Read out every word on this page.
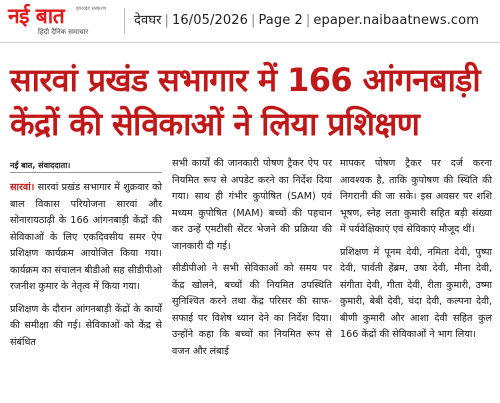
नई बात झारखंड संस्करण
हिंदी दैनिक समाचार
देवघर | 16/05/2026 | Page 2 | epaper.naibaatnews.com
सारवां प्रखंड सभागार में 166 आंगनबाड़ी
केंद्रों की सेविकाओं ने लिया प्रशिक्षण
नई बात, संवाददाता।

सारवां। सारवां प्रखंड सभागार में शुक्रवार को बाल विकास परियोजना सारवां और सोनारायठाढ़ी के 166 आंगनबाड़ी केंद्रों की सेविकाओं के लिए एकदिवसीय समर ऐप प्रशिक्षण कार्यक्रम आयोजित किया गया। कार्यक्रम का संचालन बीडीओ सह सीडीपीओ रजनीश कुमार के नेतृत्व में किया गया।

प्रशिक्षण के दौरान आंगनबाड़ी केंद्रों के कार्यों की समीक्षा की गई। सेविकाओं को केंद्र से संबंधित

सभी कार्यों की जानकारी पोषण ट्रैकर ऐप पर नियमित रूप से अपडेट करने का निर्देश दिया गया। साथ ही गंभीर कुपोषित (SAM) एवं मध्यम कुपोषित (MAM) बच्चों की पहचान कर उन्हें एमटीसी सेंटर भेजने की प्रक्रिया की जानकारी दी गई।

सीडीपीओ ने सभी सेविकाओं को समय पर केंद्र खोलने, बच्चों की नियमित उपस्थिति सुनिश्चित करने तथा केंद्र परिसर की साफ-सफाई पर विशेष ध्यान देने का निर्देश दिया। उन्होंने कहा कि बच्चों का नियमित रूप से वजन और लंबाई

मापकर पोषण ट्रैकर पर दर्ज करना आवश्यक है, ताकि कुपोषण की स्थिति की निगरानी की जा सके। इस अवसर पर शशि भूषण, स्नेह लता कुमारी सहित बड़ी संख्या में पर्यवेक्षिकाएं एवं सेविकाएं मौजूद थीं।

प्रशिक्षण में पूनम देवी, नमिता देवी, पुष्पा देवी, पार्वती हेंब्रम, उषा देवी, मीना देवी, संगीता देवी, गीता देवी, रीता कुमारी, उष्मा कुमारी, बेबी देवी, चंदा देवी, कल्पना देवी, बीणी कुमारी और आशा देवी सहित कुल 166 केंद्रों की सेविकाओं ने भाग लिया।
